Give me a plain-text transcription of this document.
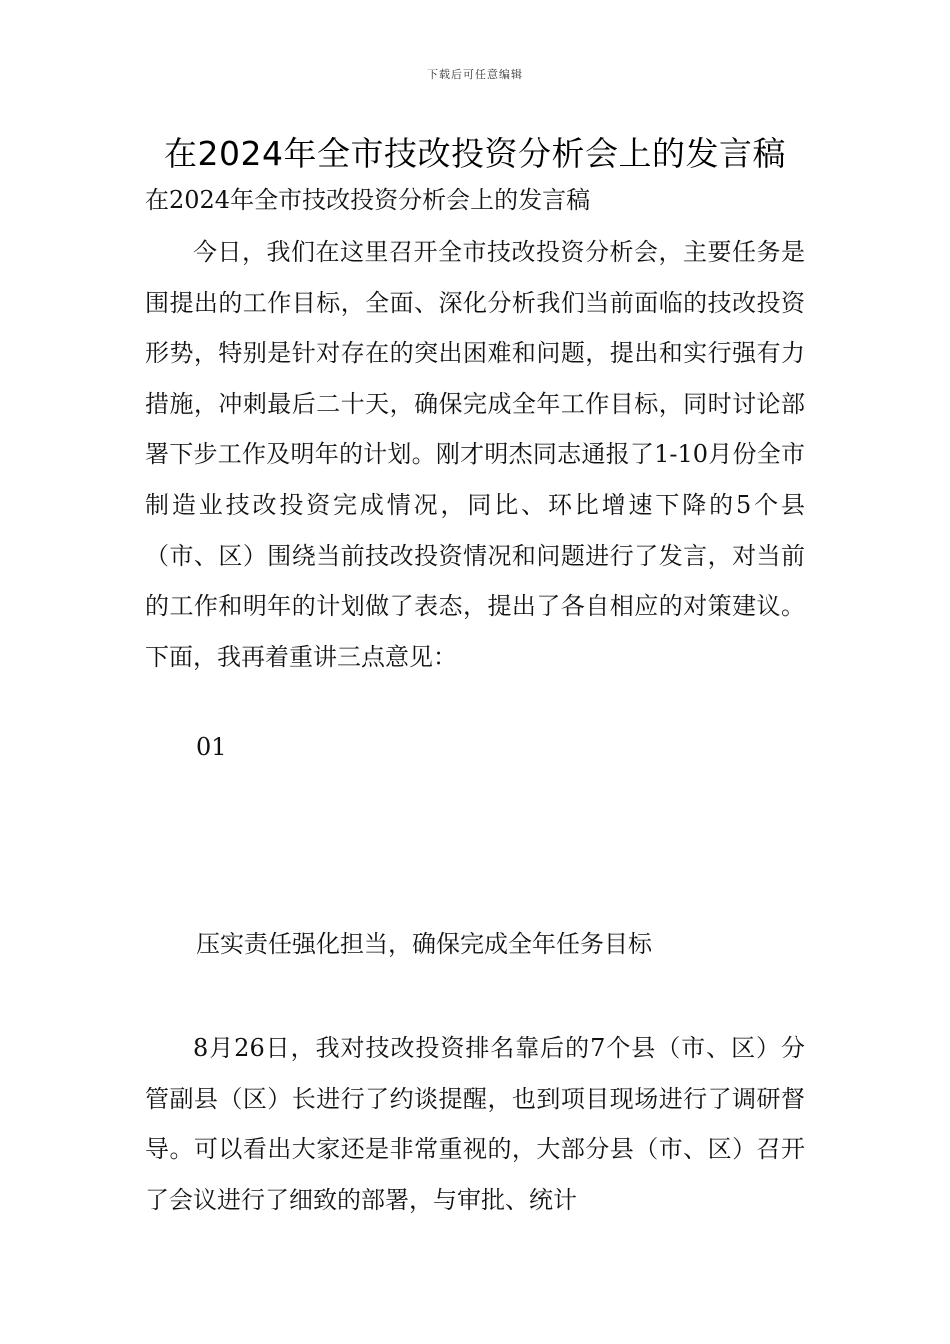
下载后可任意编辑
在2024年全市技改投资分析会上的发言稿
在2024年全市技改投资分析会上的发言稿

今日，我们在这里召开全市技改投资分析会，主要任务是围提出的工作目标，全面、深化分析我们当前面临的技改投资形势，特别是针对存在的突出困难和问题，提出和实行强有力措施，冲刺最后二十天，确保完成全年工作目标，同时讨论部署下步工作及明年的计划。刚才明杰同志通报了1-10月份全市制造业技改投资完成情况，同比、环比增速下降的5个县（市、区）围绕当前技改投资情况和问题进行了发言，对当前的工作和明年的计划做了表态，提出了各自相应的对策建议。下面，我再着重讲三点意见：

01
压实责任强化担当，确保完成全年任务目标

8月26日，我对技改投资排名靠后的7个县（市、区）分管副县（区）长进行了约谈提醒，也到项目现场进行了调研督导。可以看出大家还是非常重视的，大部分县（市、区）召开了会议进行了细致的部署，与审批、统计
